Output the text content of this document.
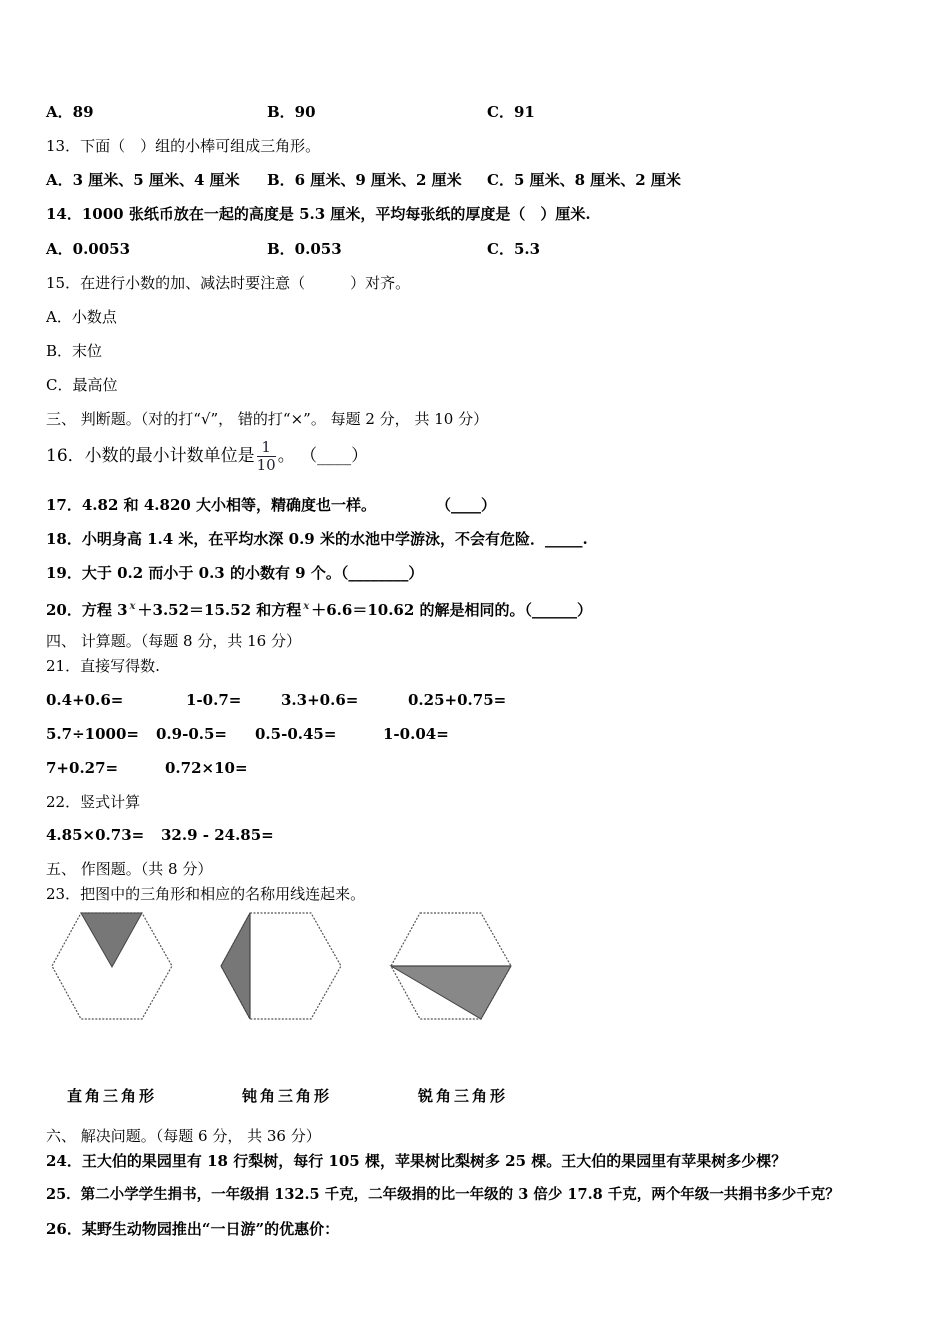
A．89	B．90	C．91
13．下面（　）组的小棒可组成三角形。
A．3 厘米、5 厘米、4 厘米 B．6 厘米、9 厘米、2 厘米 C．5 厘米、8 厘米、2 厘米
14．1000 张纸币放在一起的高度是 5.3 厘米，平均每张纸的厚度是（　）厘米.
A．0.0053	B．0.053	C．5.3
15．在进行小数的加、减法时要注意（　　　）对齐。
A．小数点
B．末位
C．最高位
三、 判断题。（对的打“√”， 错的打“×”。 每题 2 分， 共 10 分）
16．小数的最小计数单位是 $\frac{1}{10}$ 。 （____）
17．4.82 和 4.820 大小相等，精确度也一样。　　　　　（____）
18．小明身高 1.4 米，在平均水深 0.9 米的水池中学游泳，不会有危险．_____.
19．大于 0.2 而小于 0.3 的小数有 9 个。（________）
20．方程 3 $^x$ ＋3.52＝15.52 和方程 $^x$ ＋6.6＝10.62 的解是相同的。（______）
四、 计算题。（每题 8 分，共 16 分）
21．直接写得数.
0.4+0.6=	1-0.7=	3.3+0.6=	0.25+0.75=
5.7÷1000= 0.9-0.5= 0.5-0.45=	1-0.04=
7+0.27=	0.72×10=
22．竖式计算
4.85×0.73= 32.9 - 24.85=
五、 作图题。（共 8 分）
23．把图中的三角形和相应的名称用线连起来。
直角三角形	钝角三角形	锐角三角形
六、 解决问题。（每题 6 分， 共 36 分）
24．王大伯的果园里有 18 行梨树，每行 105 棵，苹果树比梨树多 25 棵。王大伯的果园里有苹果树多少棵？
25．第二小学学生捐书，一年级捐 132.5 千克，二年级捐的比一年级的 3 倍少 17.8 千克，两个年级一共捐书多少千克？
26．某野生动物园推出“一日游”的优惠价：
